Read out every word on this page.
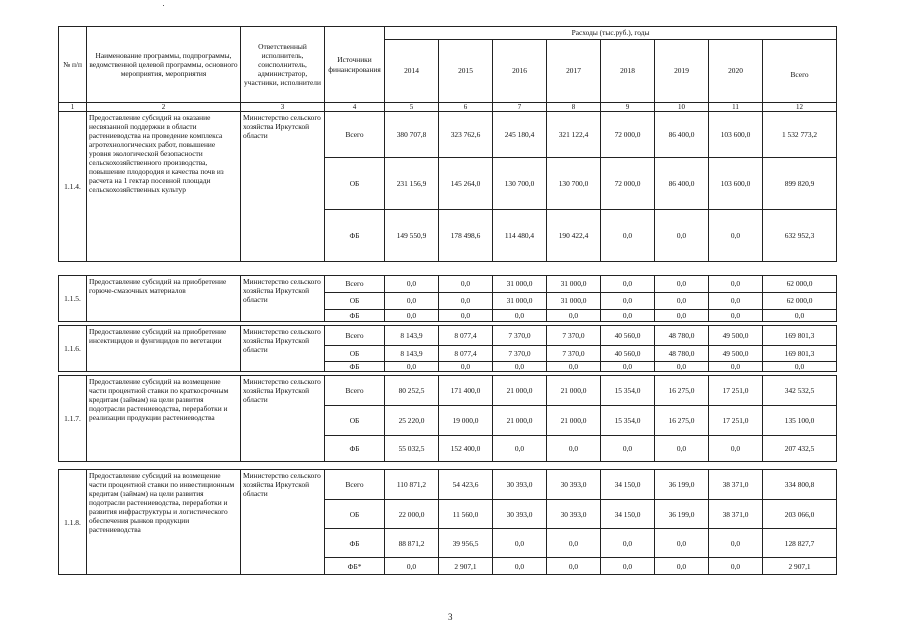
№ п/п	Наименование программы, подпрограммы, ведомственной целевой программы, основного мероприятия, мероприятия	Ответственный исполнитель, соисполнитель, администратор, участники, исполнители	Источники финансирования	Расходы (тыс.руб.), годы							
				2014	2015	2016	2017	2018	2019	2020	Всего
1	2	3	4	5	6	7	8	9	10	11	12
1.1.4.	Предоставление субсидий на оказание несвязанной поддержки в области растениеводства на проведение комплекса агротехнологических работ, повышение уровня экологической безопасности сельскохозяйственного производства, повышение плодородия и качества почв из расчета на 1 гектар посевной площади сельскохозяйственных культур	Министерство сельского хозяйства Иркутской области	Всего	380 707,8	323 762,6	245 180,4	321 122,4	72 000,0	86 400,0	103 600,0	1 532 773,2
			ОБ	231 156,9	145 264,0	130 700,0	130 700,0	72 000,0	86 400,0	103 600,0	899 820,9
			ФБ	149 550,9	178 498,6	114 480,4	190 422,4	0,0	0,0	0,0	632 952,3

1.1.5.	Предоставление субсидий на приобретение горюче-смазочных материалов	Министерство сельского хозяйства Иркутской области	Всего	0,0	0,0	31 000,0	31 000,0	0,0	0,0	0,0	62 000,0
			ОБ	0,0	0,0	31 000,0	31 000,0	0,0	0,0	0,0	62 000,0
			ФБ	0,0	0,0	0,0	0,0	0,0	0,0	0,0	0,0

1.1.6.	Предоставление субсидий на приобретение инсектицидов и фунгицидов по вегетации	Министерство сельского хозяйства Иркутской области	Всего	8 143,9	8 077,4	7 370,0	7 370,0	40 560,0	48 780,0	49 500,0	169 801,3
			ОБ	8 143,9	8 077,4	7 370,0	7 370,0	40 560,0	48 780,0	49 500,0	169 801,3
			ФБ	0,0	0,0	0,0	0,0	0,0	0,0	0,0	0,0

1.1.7.	Предоставление субсидий на возмещение части процентной ставки по краткосрочным кредитам (займам) на цели развития подотрасли растениеводства, переработки и реализации продукции растениеводства	Министерство сельского хозяйства Иркутской области	Всего	80 252,5	171 400,0	21 000,0	21 000,0	15 354,0	16 275,0	17 251,0	342 532,5
			ОБ	25 220,0	19 000,0	21 000,0	21 000,0	15 354,0	16 275,0	17 251,0	135 100,0
			ФБ	55 032,5	152 400,0	0,0	0,0	0,0	0,0	0,0	207 432,5

1.1.8.	Предоставление субсидий на возмещение части процентной ставки по инвестиционным кредитам (займам) на цели развития подотрасли растениеводства, переработки и развития инфраструктуры и логистического обеспечения рынков продукции растениеводства	Министерство сельского хозяйства Иркутской области	Всего	110 871,2	54 423,6	30 393,0	30 393,0	34 150,0	36 199,0	38 371,0	334 800,8
			ОБ	22 000,0	11 560,0	30 393,0	30 393,0	34 150,0	36 199,0	38 371,0	203 066,0
			ФБ	88 871,2	39 956,5	0,0	0,0	0,0	0,0	0,0	128 827,7
			ФБ*	0,0	2 907,1	0,0	0,0	0,0	0,0	0,0	2 907,1
3
